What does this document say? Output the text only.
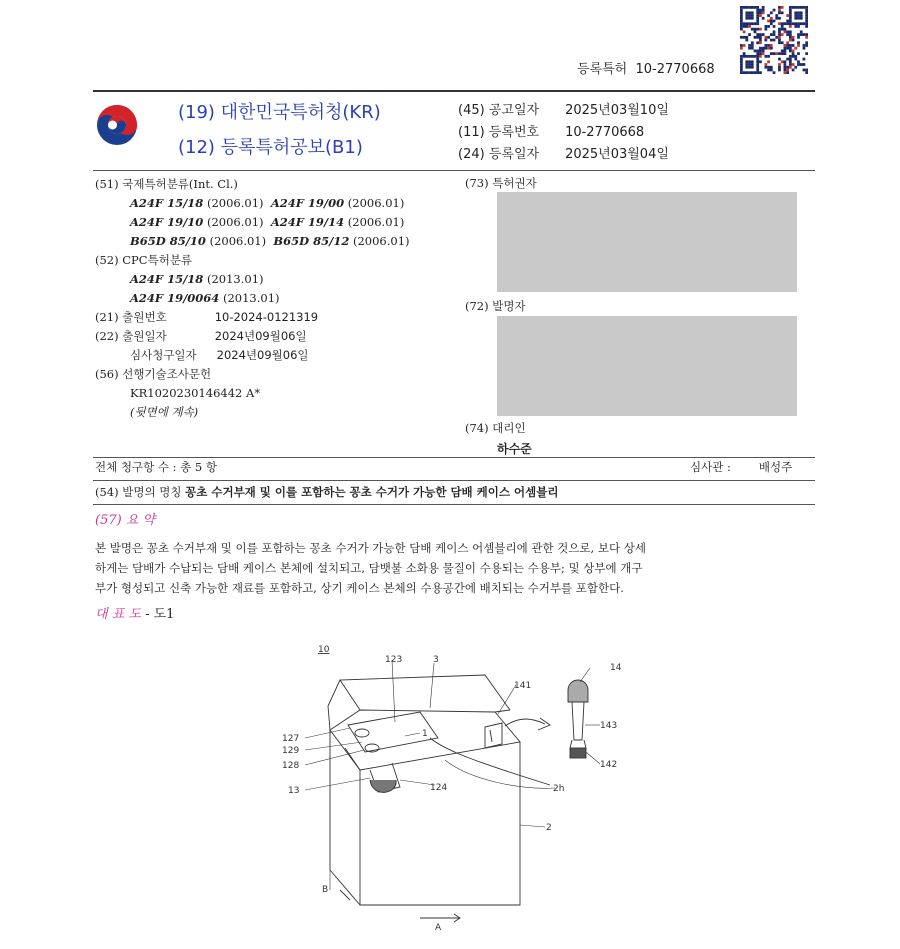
등록특허 10-2770668
(19) 대한민국특허청(KR)
(12) 등록특허공보(B1)
(45) 공고일자 2025년03월10일
(11) 등록번호 10-2770668
(24) 등록일자 2025년03월04일
(51) 국제특허분류(Int. Cl.)
A24F 15/18 (2006.01) A24F 19/00 (2006.01)
A24F 19/10 (2006.01) A24F 19/14 (2006.01)
B65D 85/10 (2006.01) B65D 85/12 (2006.01)
(52) CPC특허분류
A24F 15/18 (2013.01)
A24F 19/0064 (2013.01)
(21) 출원번호	10-2024-0121319
(22) 출원일자	2024년09월06일
심사청구일자 2024년09월06일
(56) 선행기술조사문헌
KR1020230146442 A*
(뒷면에 계속)
(73) 특허권자
(72) 발명자
(74) 대리인
하수준
전체 청구항 수 : 총 5 항	심사관 : 배성주
(54) 발명의 명칭 꽁초 수거부재 및 이를 포함하는 꽁초 수거가 가능한 담배 케이스 어셈블리
(57) 요 약
본 발명은 꽁초 수거부재 및 이를 포함하는 꽁초 수거가 가능한 담배 케이스 어셈블리에 관한 것으로, 보다 상세
하게는 담배가 수납되는 담배 케이스 본체에 설치되고, 담뱃불 소화용 물질이 수용되는 수용부; 및 상부에 개구
부가 형성되고 신축 가능한 재료를 포함하고, 상기 케이스 본체의 수용공간에 배치되는 수거부를 포함한다.
대 표 도 - 도1
10
123	3
141
14
127
129
128
1
143
142
13	124	2h
2
B
A
